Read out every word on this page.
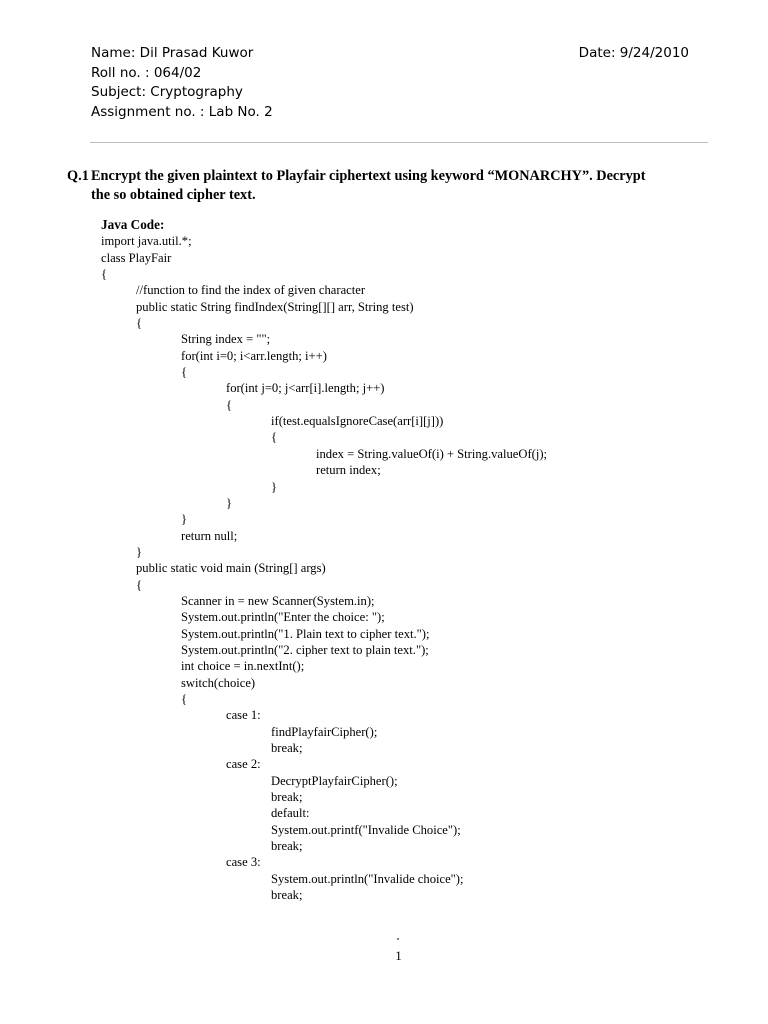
Name: Dil Prasad Kuwor
Roll no. : 064/02
Subject: Cryptography
Assignment no. : Lab No. 2
Date: 9/24/2010
Q.1 Encrypt the given plaintext to Playfair ciphertext using keyword “MONARCHY”. Decrypt
the so obtained cipher text.
Java Code:
import java.util.*;
class PlayFair
{
//function to find the index of given character
public static String findIndex(String[][] arr, String test)
{
String index = "";
for(int i=0; i<arr.length; i++)
{
for(int j=0; j<arr[i].length; j++)
{
if(test.equalsIgnoreCase(arr[i][j]))
{
index = String.valueOf(i) + String.valueOf(j);
return index;
}
}
}
return null;
}
public static void main (String[] args)
{
Scanner in = new Scanner(System.in);
System.out.println("Enter the choice: ");
System.out.println("1. Plain text to cipher text.");
System.out.println("2. cipher text to plain text.");
int choice = in.nextInt();
switch(choice)
{
case 1:
findPlayfairCipher();
break;
case 2:
DecryptPlayfairCipher();
break;
default:
System.out.printf("Invalide Choice");
break;
case 3:
System.out.println("Invalide choice");
break;
1
